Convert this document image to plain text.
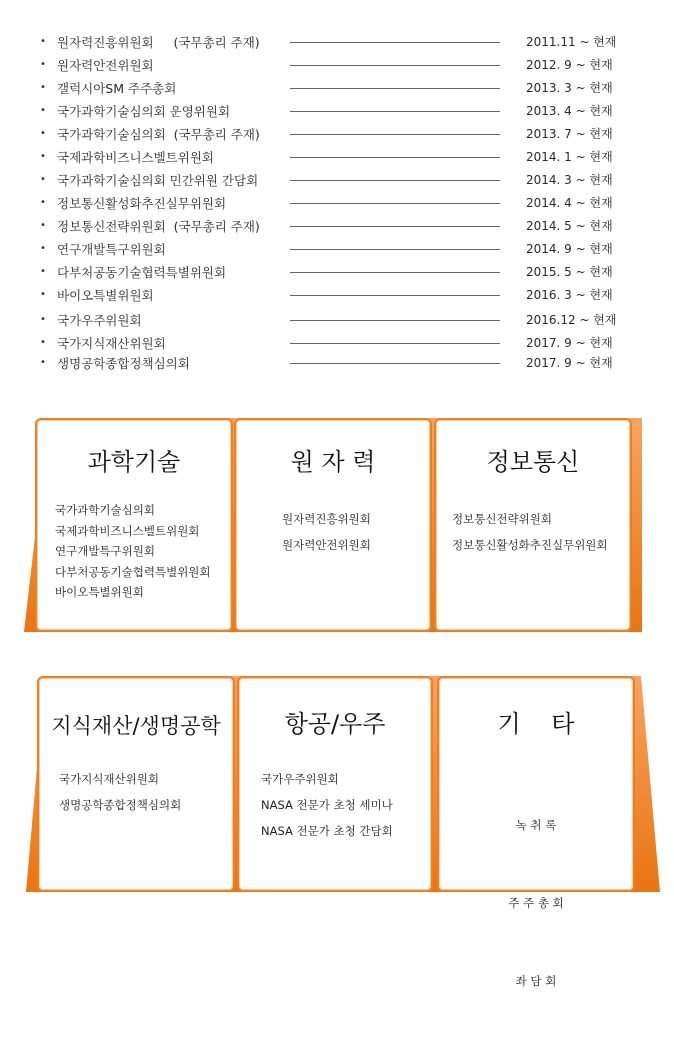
• 원자력진흥위원회     (국무총리 주재)	2011.11 ~ 현재
• 원자력안전위원회	2012. 9 ~ 현재
• 갤럭시아SM 주주총회	2013. 3 ~ 현재
• 국가과학기술심의회 운영위원회	2013. 4 ~ 현재
• 국가과학기술심의회  (국무총리 주재)	2013. 7 ~ 현재
• 국제과학비즈니스벨트위원회	2014. 1 ~ 현재
• 국가과학기술심의회 민간위원 간담회	2014. 3 ~ 현재
• 정보통신활성화추진실무위원회	2014. 4 ~ 현재
• 정보통신전략위원회  (국무총리 주재)	2014. 5 ~ 현재
• 연구개발특구위원회	2014. 9 ~ 현재
• 다부처공동기술협력특별위원회	2015. 5 ~ 현재
• 바이오특별위원회	2016. 3 ~ 현재
• 국가우주위원회	2016.12 ~ 현재
• 국가지식재산위원회	2017. 9 ~ 현재
• 생명공학종합정책심의회	2017. 9 ~ 현재
과학기술
국가과학기술심의회
국제과학비즈니스벨트위원회
연구개발특구위원회
다부처공동기술협력특별위원회
바이오특별위원회
원 자 력
원자력진흥위원회
원자력안전위원회
정보통신
정보통신전략위원회
정보통신활성화추진실무위원회
지식재산/생명공학
국가지식재산위원회
생명공학종합정책심의회
항공/우주
국가우주위원회
NASA 전문가 초청 세미나
NASA 전문가 초청 간담회
기    타

녹 취 록

주 주 총 회

좌 담 회
